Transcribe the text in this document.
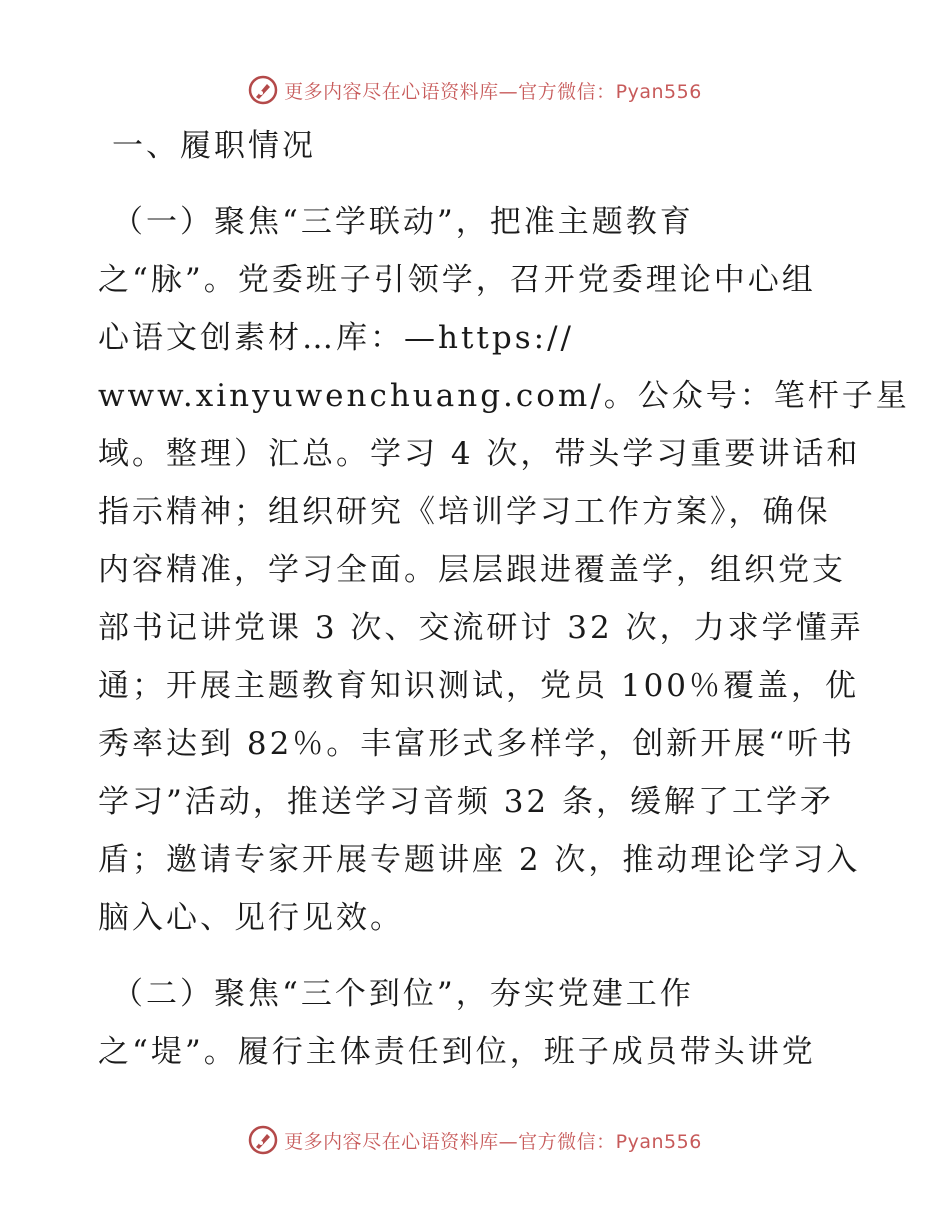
更多内容尽在心语资料库—官方微信：Pyan556
一、履职情况
（一）聚焦“三学联动”，把准主题教育
之“脉”。党委班子引领学，召开党委理论中心组
心语文创素材…库：—https://
www.xinyuwenchuang.com/。公众号：笔杆子星
域。整理）汇总。学习 4 次，带头学习重要讲话和
指示精神；组织研究《培训学习工作方案》，确保
内容精准，学习全面。层层跟进覆盖学，组织党支
部书记讲党课 3 次、交流研讨 32 次，力求学懂弄
通；开展主题教育知识测试，党员 100％覆盖，优
秀率达到 82％。丰富形式多样学，创新开展“听书
学习”活动，推送学习音频 32 条，缓解了工学矛
盾；邀请专家开展专题讲座 2 次，推动理论学习入
脑入心、见行见效。
（二）聚焦“三个到位”，夯实党建工作
之“堤”。履行主体责任到位，班子成员带头讲党
更多内容尽在心语资料库—官方微信：Pyan556
